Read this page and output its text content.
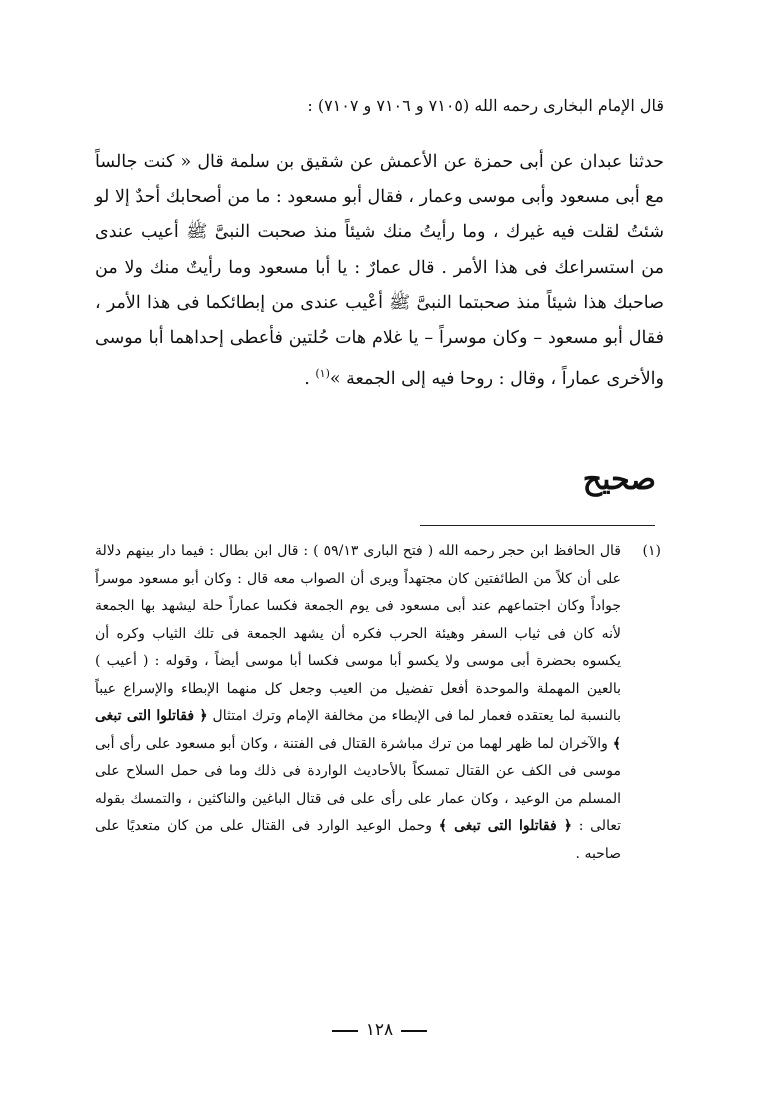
قال الإمام البخارى رحمه الله (٧١٠٥ و ٧١٠٦ و ٧١٠٧) :
حدثنا عبدان عن أبى حمزة عن الأعمش عن شقيق بن سلمة قال « كنت جالساً مع أبى مسعود وأبى موسى وعمار ، فقال أبو مسعود : ما من أصحابك أحدٌ إلا لو شئتُ لقلت فيه غيرك ، وما رأيتُ منك شيئاً منذ صحبت النبىَّ ﷺ أعيب عندى من استسراعك فى هذا الأمر . قال عمارٌ : يا أبا مسعود وما رأيتٌ منك ولا من صاحبك هذا شيئاً منذ صحبتما النبىَّ ﷺ أعْيب عندى من إبطائكما فى هذا الأمر ، فقال أبو مسعود – وكان موسراً – يا غلام هات حُلتين فأعطى إحداهما أبا موسى والأخرى عماراً ، وقال : روحا فيه إلى الجمعة »$^{(١)}$ .
صحيح
(١)
قال الحافظ ابن حجر رحمه الله ( فتح البارى ٥٩/١٣ ) : قال ابن بطال : فيما دار بينهم دلالة على أن كلاً من الطائفتين كان مجتهداً ويرى أن الصواب معه قال : وكان أبو مسعود موسراً جواداً وكان اجتماعهم عند أبى مسعود فى يوم الجمعة فكسا عماراً حلة ليشهد بها الجمعة لأنه كان فى ثياب السفر وهيئة الحرب فكره أن يشهد الجمعة فى تلك الثياب وكره أن يكسوه بحضرة أبى موسى ولا يكسو أبا موسى فكسا أبا موسى أيضاً ، وقوله : ( أعيب ) بالعين المهملة والموحدة أفعل تفضيل من العيب وجعل كل منهما الإبطاء والإسراع عيباً بالنسبة لما يعتقده فعمار لما فى الإبطاء من مخالفة الإمام وترك امتثال ﴿ فقاتلوا التى تبغى ﴾ والآخران لما ظهر لهما من ترك مباشرة القتال فى الفتنة ، وكان أبو مسعود على رأى أبى موسى فى الكف عن القتال تمسكاً بالأحاديث الواردة فى ذلك وما فى حمل السلاح على المسلم من الوعيد ، وكان عمار على رأى على فى قتال الباغين والناكثين ، والتمسك بقوله تعالى : ﴿ فقاتلوا التى تبغى ﴾ وحمل الوعيد الوارد فى القتال على من كان متعديًا على صاحبه .
١٢٨
